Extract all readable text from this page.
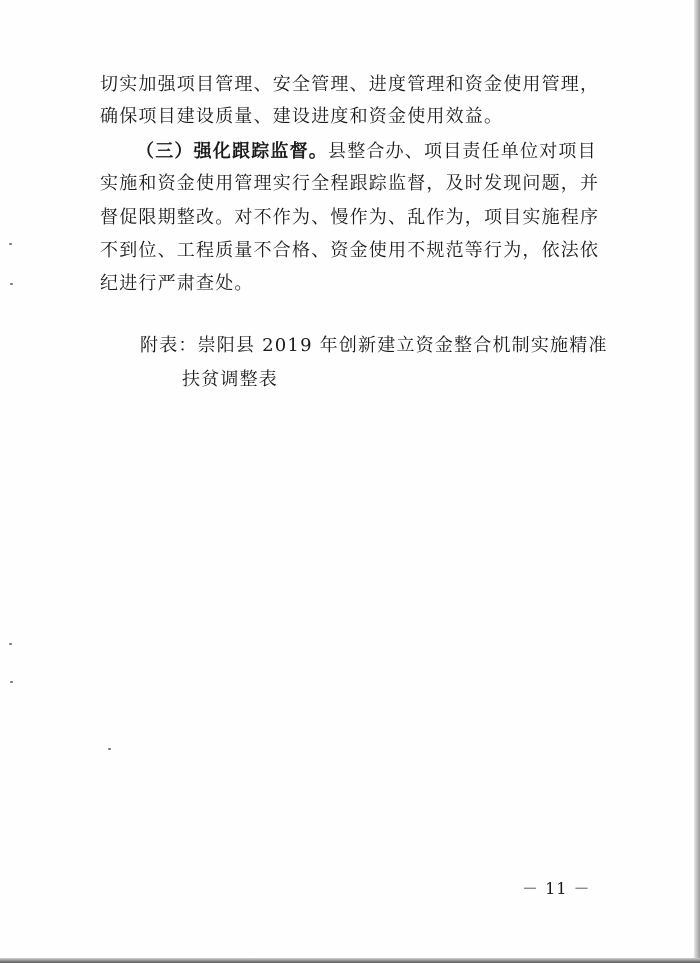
切实加强项目管理、安全管理、进度管理和资金使用管理，
确保项目建设质量、建设进度和资金使用效益。
（三）强化跟踪监督。县整合办、项目责任单位对项目
实施和资金使用管理实行全程跟踪监督，及时发现问题，并
督促限期整改。对不作为、慢作为、乱作为，项目实施程序
不到位、工程质量不合格、资金使用不规范等行为，依法依
纪进行严肃查处。
附表：崇阳县 2019 年创新建立资金整合机制实施精准
扶贫调整表
－ 11 －
